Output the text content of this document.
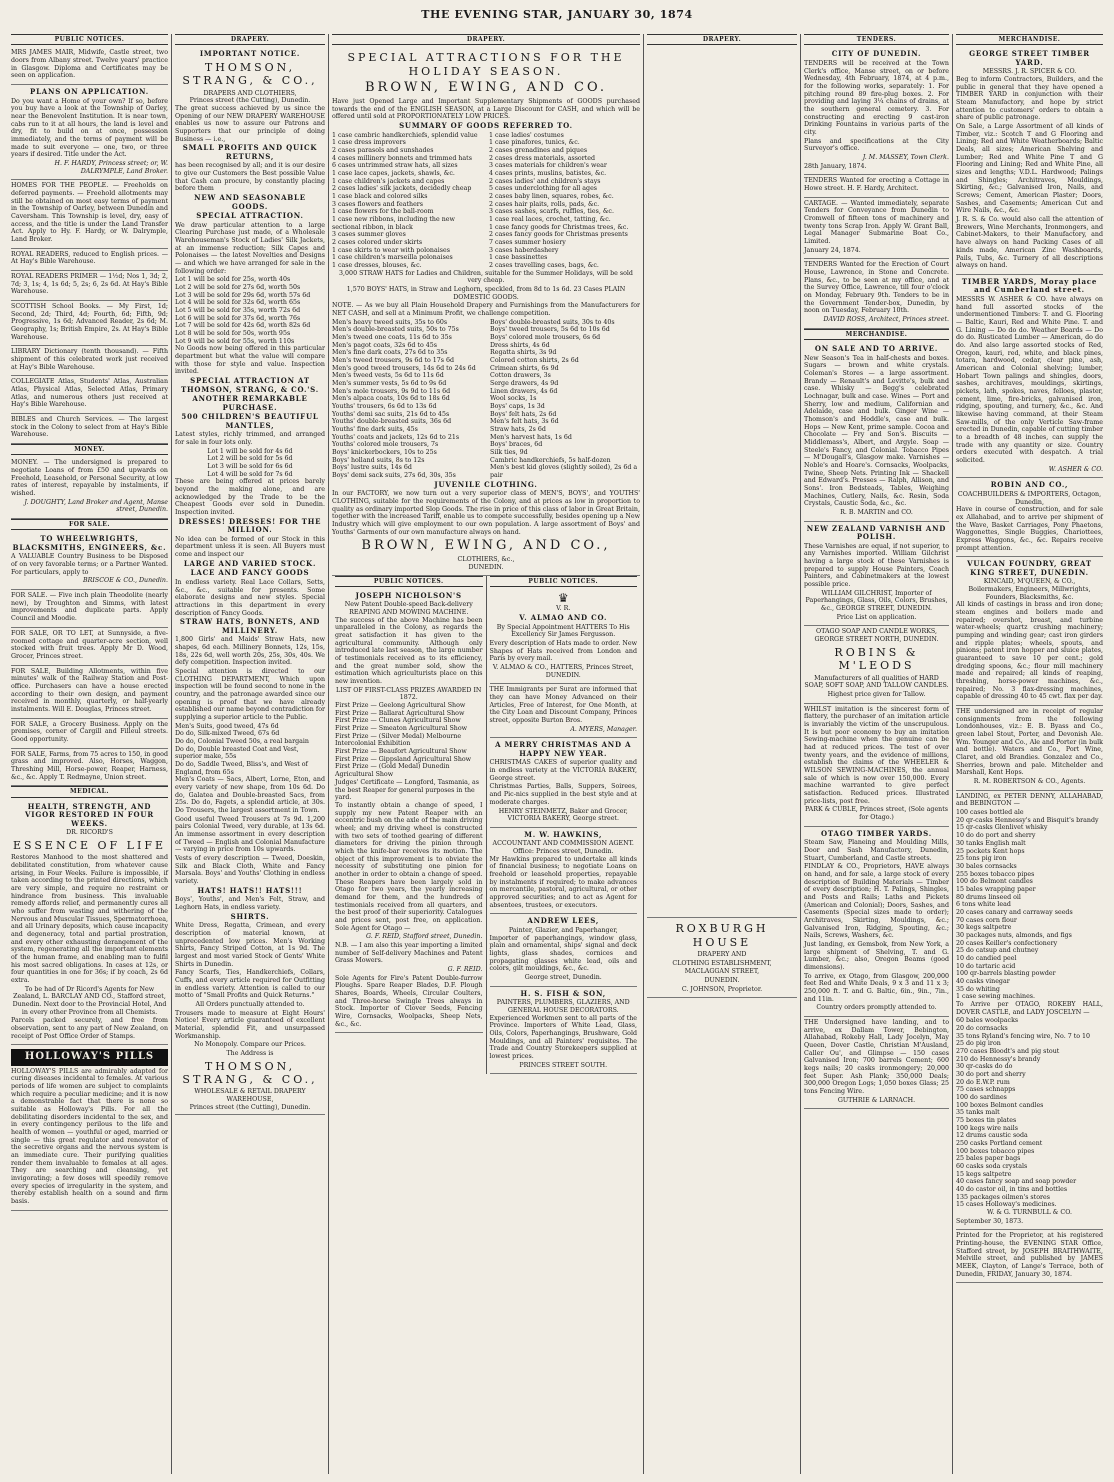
THE EVENING STAR, JANUARY 30, 1874
PUBLIC NOTICES.

MRS JAMES MAIR, Midwife, Castle street, two doors from Albany street. Twelve years' practice in Glasgow. Diploma and Certificates may be seen on application.

PLANS ON APPLICATION.

Do you want a Home of your own? If so, before you buy have a look at the Township of Oarley, near the Benevolent Institution. It is near town, cabs run to it at all hours, the land is level and dry, fit to build on at once, possession immediately, and the terms of payment will be made to suit everyone — one, two, or three years if desired. Title under the Act.

H. F. HARDY, Princess street; or, W. DALRYMPLE, Land Broker.

HOMES FOR THE PEOPLE. — Freeholds on deferred payments. — Freehold allotments may still be obtained on most easy terms of payment in the Township of Oarley, between Dunedin and Caversham. This Township is level, dry, easy of access, and the title is under the Land Transfer Act. Apply to Hy. F. Hardy, or W. Dalrymple, Land Broker.

ROYAL READERS, reduced to English prices. — At Hay's Bible Warehouse.

ROYAL READERS PRIMER — 1½d; Nos 1, 3d; 2, 7d; 3, 1s; 4, 1s 6d; 5, 2s; 6, 2s 6d. At Hay's Bible Warehouse.

SCOTTISH School Books. — My First, 1d; Second, 2d; Third, 4d; Fourth, 6d; Fifth, 9d; Progressive, 1s 6d; Advanced Reader, 2s 6d; M. Geography, 1s; British Empire, 2s. At Hay's Bible Warehouse.

LIBRARY Dictionary (tenth thousand). — Fifth shipment of this celebrated work just received at Hay's Bible Warehouse.

COLLEGIATE Atlas, Students' Atlas, Australian Atlas, Physical Atlas, Selected Atlas, Primary Atlas, and numerous others just received at Hay's Bible Warehouse.

BIBLES and Church Services. — The largest stock in the Colony to select from at Hay's Bible Warehouse.

MONEY.

MONEY. — The undersigned is prepared to negotiate Loans of from £50 and upwards on Freehold, Leasehold, or Personal Security, at low rates of interest, repayable by instalments, if wished.

J. DOUGHTY, Land Broker and Agent, Manse street, Dunedin.

FOR SALE.
TO WHEELWRIGHTS, BLACKSMITHS, ENGINEERS, &c.

A VALUABLE Country Business to be Disposed of on very favorable terms; or a Partner Wanted. For particulars, apply to

BRISCOE & CO., Dunedin.

FOR SALE. — Five inch plain Theodolite (nearly new), by Troughton and Simms, with latest improvements and duplicate parts. Apply Council and Moodie.

FOR SALE, OR TO LET, at Sunnyside, a five-roomed cottage and quarter-acre section, well stocked with fruit trees. Apply Mr D. Wood, Grocer, Princes street.

FOR SALE, Building Allotments, within five minutes' walk of the Railway Station and Post-office. Purchasers can have a house erected according to their own design, and payment received in monthly, quarterly, or half-yearly instalments. Will E. Douglas, Princes street.

FOR SALE, a Grocery Business. Apply on the premises, corner of Cargill and Filleul streets. Good opportunity.

FOR SALE, Farms, from 75 acres to 150, in good grass and improved. Also, Horses, Waggon, Threshing Mill, Horse-power, Reaper, Harness, &c., &c. Apply T. Redmayne, Union street.

MEDICAL.
HEALTH, STRENGTH, AND VIGOR RESTORED IN FOUR WEEKS.
DR. RICORD'S
ESSENCE OF LIFE

Restores Manhood to the most shattered and debilitated constitution, from whatever cause arising, in Four Weeks. Failure is impossible, if taken according to the printed directions, which are very simple, and require no restraint or hindrance from business. This invaluable remedy affords relief, and permanently cures all who suffer from wasting and withering of the Nervous and Muscular Tissues, Spermatorrhoea, and all Urinary deposits, which cause incapacity and degeneracy, total and partial prostration, and every other exhausting derangement of the system, regenerating all the important elements of the human frame, and enabling man to fulfil his most sacred obligations. In cases at 12s, or four quantities in one for 36s; if by coach, 2s 6d extra.

To be had of Dr Ricord's Agents for New Zealand, L. BARCLAY AND CO., Stafford street, Dunedin. Next door to the Provincial Hotel, And in every other Province from all Chemists.

Parcels packed securely, and free from observation, sent to any part of New Zealand, on receipt of Post Office Order of Stamps.

HOLLOWAY'S PILLS

HOLLOWAY'S PILLS are admirably adapted for curing diseases incidental to females. At various periods of life women are subject to complaints which require a peculiar medicine; and it is now a demonstrable fact that there is none so suitable as Holloway's Pills. For all the debilitating disorders incidental to the sex, and in every contingency perilous to the life and health of women — youthful or aged, married or single — this great regulator and renovator of the secretive organs and the nervous system is an immediate cure. Their purifying qualities render them invaluable to females at all ages. They are searching and cleansing, yet invigorating; a few doses will speedily remove every species of irregularity in the system, and thereby establish health on a sound and firm basis.

DRAPERY.
IMPORTANT NOTICE.
THOMSON, STRANG, & CO.,
DRAPERS AND CLOTHIERS,
Princes street (the Cutting), Dunedin.

The great success achieved by us since the Opening of our NEW DRAPERY WAREHOUSE enables us now to assure our Patrons and Supporters that our principle of doing Business — i.e.,

SMALL PROFITS AND QUICK RETURNS,

has been recognised by all; and it is our desire to give our Customers the Best possible Value that Cash can procure, by constantly placing before them

NEW AND SEASONABLE GOODS.
SPECIAL ATTRACTION.

We draw particular attention to a large Clearing Purchase just made, of a Wholesale Warehouseman's Stock of Ladies' Silk Jackets, at an immense reduction; Silk Capes and Polonaises — the latest Novelties and Designs — and which we have arranged for sale in the following order:

Lot 1 will be sold for 25s, worth 40s
Lot 2 will be sold for 27s 6d, worth 50s
Lot 3 will be sold for 29s 6d, worth 57s 6d
Lot 4 will be sold for 32s 6d, worth 65s
Lot 5 will be sold for 35s, worth 72s 6d
Lot 6 will be sold for 37s 6d, worth 76s
Lot 7 will be sold for 42s 6d, worth 82s 6d
Lot 8 will be sold for 50s, worth 95s
Lot 9 will be sold for 55s, worth 110s

No Goods now being offered in this particular department but what the value will compare with those for style and value. Inspection invited.

SPECIAL ATTRACTION AT THOMSON, STRANG, & CO.'S.
ANOTHER REMARKABLE PURCHASE.
500 CHILDREN'S BEAUTIFUL MANTLES,

Latest styles, richly trimmed, and arranged for sale in four lots only.

Lot 1 will be sold for 4s 6d
Lot 2 will be sold for 5s 6d
Lot 3 will be sold for 6s 6d
Lot 4 will be sold for 7s 6d

These are being offered at prices barely beyond the making alone, and are acknowledged by the Trade to be the Cheapest Goods ever sold in Dunedin. Inspection invited.

DRESSES! DRESSES! FOR THE MILLION.

No idea can be formed of our Stock in this department unless it is seen. All Buyers must come and inspect our

LARGE AND VARIED STOCK.
LACE AND FANCY GOODS

In endless variety. Real Lace Collars, Setts, &c., &c., suitable for presents. Some elaborate designs and new styles. Special attractions in this department in every description of Fancy Goods.

STRAW HATS, BONNETS, AND MILLINERY.

1,800 Girls' and Maids' Straw Hats, new shapes, 6d each. Millinery Bonnets, 12s, 15s, 18s, 22s 6d, well worth 20s, 25s, 30s, 40s. We defy competition. Inspection invited.

Special attention is directed to our CLOTHING DEPARTMENT, Which upon inspection will be found second to none in the country, and the patronage awarded since our opening is proof that we have already established our name beyond contradiction for supplying a superior article to the Public.

Men's Suits, good tweed, 47s 6d
Do do, Silk-mixed Tweed, 67s 6d
Do do, Colonial Tweed 50s, a real bargain
Do do, Double breasted Coat and Vest, superior make, 55s
Do do, Saddle Tweed, Bliss's, and West of England, from 65s

Men's Coats — Sacs, Albert, Lorne, Eton, and every variety of new shape, from 10s 6d. Do do, Galatea and Double-breasted Sacs, from 25s. Do do, Fagets, a splendid article, at 30s. Do Trousers, the largest assortment in Town.

Good useful Tweed Trousers at 7s 9d. 1,200 pairs Colonial Tweed, very durable, at 13s 6d. An immense assortment in every description of Tweed — English and Colonial Manufacture — varying in price from 10s upwards.

Vests of every description — Tweed, Doeskin, Silk and Black Cloth, White and Fancy Marsala. Boys' and Youths' Clothing in endless variety.

HATS! HATS!! HATS!!!

Boys', Youths', and Men's Felt, Straw, and Leghorn Hats, in endless variety.

SHIRTS.

White Dress, Regatta, Crimean, and every description of material known, at unprecedented low prices. Men's Working Shirts, Fancy Striped Cotton, at 1s 9d. The largest and most varied Stock of Gents' White Shirts in Dunedin.

Fancy Scarfs, Ties, Handkerchiefs, Collars, Cuffs, and every article required for Outfitting in endless variety. Attention is called to our motto of "Small Profits and Quick Returns."

All Orders punctually attended to.

Trousers made to measure at Eight Hours' Notice! Every article guaranteed of excellent Material, splendid Fit, and unsurpassed Workmanship.

No Monopoly. Compare our Prices.

The Address is

THOMSON, STRANG, & CO.,
WHOLESALE & RETAIL DRAPERY WAREHOUSE,
Princes street (the Cutting), Dunedin.
DRAPERY.
SPECIAL ATTRACTIONS FOR THE HOLIDAY SEASON.
BROWN, EWING, AND CO.

Have just Opened Large and Important Supplementary Shipments of GOODS purchased towards the end of the ENGLISH SEASON, at a Large Discount for CASH, and which will be offered until sold at PROPORTIONATELY LOW PRICES.

SUMMARY OF GOODS REFERRED TO.
1 case cambric handkerchiefs, splendid value
1 case dress improvers
2 cases parasols and sunshades
4 cases millinery bonnets and trimmed hats
6 cases untrimmed straw hats, all sizes
1 case lace capes, jackets, shawls, &c.
1 case children's jackets and capes
2 cases ladies' silk jackets, decidedly cheap
1 case black and colored silks
3 cases flowers and feathers
1 case flowers for the ball-room
1 case new ribbons, including the new sectional ribbon, in black
3 cases summer gloves
2 cases colored under skirts
1 case skirts to wear with polonaises
1 case children's marseilla polonaises
1 case dresses, blouses, &c.
1 case ladies' costumes
1 case pinafores, tunics, &c.
2 cases grenadines and piques
2 cases dress materials, assorted
3 cases materials for children's wear
4 cases prints, muslins, batistes, &c.
2 cases ladies' and children's stays
5 cases underclothing for all ages
2 cases baby linen, squares, robes, &c.
2 cases hair plaits, rolls, pads, &c.
3 cases sashes, scarfs, ruffles, ties, &c.
1 case real laces, crochet, tatting, &c.
1 case fancy goods for Christmas trees, &c.
2 cases fancy goods for Christmas presents
7 cases summer hosiery
3 cases haberdashery
1 case bassinettes
2 cases travelling cases, bags, &c.

3,000 STRAW HATS for Ladies and Children, suitable for the Summer Holidays, will be sold very cheap.

1,570 BOYS' HATS, in Straw and Leghorn, speckled, from 8d to 1s 6d. 23 Cases PLAIN DOMESTIC GOODS.

NOTE. — As we buy all Plain Household Drapery and Furnishings from the Manufacturers for NET CASH, and sell at a Minimum Profit, we challenge competition.

Men's heavy tweed suits, 35s to 60s
Men's double-breasted suits, 50s to 75s
Men's tweed one coats, 11s 6d to 35s
Men's pagot coats, 32s 6d to 45s
Men's fine dark coats, 27s 6d to 35s
Men's tweed trousers, 9s 6d to 17s 6d
Men's good tweed trousers, 14s 6d to 24s 6d
Men's tweed vests, 5s 6d to 11s 6d
Men's summer vests, 5s 6d to 9s 6d
Men's mole trousers, 9s 9d to 11s 6d
Men's alpaca coats, 10s 6d to 18s 6d
Youths' trousers, 6s 6d to 13s 6d
Youths' demi sac suits, 21s 6d to 45s
Youths' double-breasted suits, 36s 6d
Youths' fine dark suits, 45s
Youths' coats and jackets, 12s 6d to 21s
Youths' colored mole trousers, 7s
Boys' knickerbockers, 10s to 25s
Boys' holland suits, 8s to 12s
Boys' lustre suits, 14s 6d
Boys' demi sack suits, 27s 6d, 30s, 35s
Boys' double-breasted suits, 30s to 40s
Boys' tweed trousers, 5s 6d to 10s 6d
Boys' colored mole trousers, 6s 6d
Dress shirts, 4s 6d
Regatta shirts, 3s 9d
Colored cotton shirts, 2s 6d
Crimean shirts, 6s 9d
Cotton drawers, 3s
Serge drawers, 4s 9d
Linen drawers, 4s 6d
Wool socks, 1s
Boys' caps, 1s 3d
Boys' felt hats, 2s 6d
Men's felt hats, 3s 6d
Straw hats, 2s 6d
Men's harvest hats, 1s 6d
Boys' braces, 6d
Silk ties, 9d
Cambric handkerchiefs, 5s half-dozen
Men's best kid gloves (slightly soiled), 2s 6d a pair
JUVENILE CLOTHING.

In our FACTORY, we now turn out a very superior class of MEN'S, BOYS', and YOUTHS' CLOTHING, suitable for the requirements of the Colony, and at prices as low in proportion to quality as ordinary imported Slop Goods. The rise in price of this class of labor in Great Britain, together with the increased Tariff, enable us to compete successfully, besides opening up a New Industry which will give employment to our own population. A large assortment of Boys' and Youths' Garments of our own manufacture always on hand.

BROWN, EWING, AND CO.,
CLOTHIERS, &c.,
DUNEDIN.
PUBLIC NOTICES.
JOSEPH NICHOLSON'S
New Patent Double-speed Back-delivery REAPING AND MOWING MACHINE.

The success of the above Machine has been unparalleled in the Colony, as regards the great satisfaction it has given to the agricultural community. Although only introduced late last season, the large number of testimonials received as to its efficiency, and the great number sold, show the estimation which agriculturists place on this new invention.

LIST OF FIRST-CLASS PRIZES AWARDED IN 1872.
First Prize — Geelong Agricultural Show
First Prize — Ballarat Agricultural Show
First Prize — Clunes Agricultural Show
First Prize — Smeaton Agricultural Show
First Prize — (Silver Medal) Melbourne Intercolonial Exhibition
First Prize — Beaufort Agricultural Show
First Prize — Gippsland Agricultural Show
First Prize — (Gold Medal) Dunedin Agricultural Show
Judges' Certificate — Longford, Tasmania, as the best Reaper for general purposes in the yard.

To instantly obtain a change of speed, I supply my new Patent Reaper with an eccentric bush on the axle of the main driving wheel; and my driving wheel is constructed with two sets of toothed gearing of different diameters for driving the pinion through which the knife-bar receives its motion. The object of this improvement is to obviate the necessity of substituting one pinion for another in order to obtain a change of speed. These Reapers have been largely sold in Otago for two years, the yearly increasing demand for them, and the hundreds of testimonials received from all quarters, and the best proof of their superiority. Catalogues and prices sent, post free, on application. Sole Agent for Otago —

G. F. REID, Stafford street, Dunedin.

N.B. — I am also this year importing a limited number of Self-delivery Machines and Patent Grass Mowers.

G. F. REID.

Sole Agents for Fire's Patent Double-furrow Ploughs. Spare Reaper Blades, D.F. Plough Shares, Boards, Wheels, Circular Coulters, and Three-horse Swingle Trees always in Stock. Importer of Clover Seeds, Fencing Wire, Cornsacks, Woolpacks, Sheep Nets, &c., &c.

PUBLIC NOTICES.
♛
V. R.
V. ALMAO AND CO.

By Special Appointment HATTERS To His Excellency Sir James Fergusson.

Every description of Hats made to order. New Shapes of Hats received from London and Paris by every mail.

V. ALMAO & CO., HATTERS, Princes Street, DUNEDIN.

THE Immigrants per Surat are informed that they can have Money Advanced on their Articles, Free of Interest, for One Month, at the City Loan and Discount Company, Princes street, opposite Burton Bros.

A. MYERS, Manager.

A MERRY CHRISTMAS AND A HAPPY NEW YEAR.

CHRISTMAS CAKES of superior quality and in endless variety at the VICTORIA BAKERY, George street.

Christmas Parties, Balls, Suppers, Soirees, and Pic-nics supplied in the best style and at moderate charges.

HENRY STEINMETZ, Baker and Grocer, VICTORIA BAKERY, George street.

M. W. HAWKINS,
ACCOUNTANT AND COMMISSION AGENT.
Office: Princes street, Dunedin.

Mr Hawkins prepared to undertake all kinds of financial business; to negotiate Loans on freehold or leasehold properties, repayable by instalments if required; to make advances on mercantile, pastoral, agricultural, or other approved securities; and to act as Agent for absentees, trustees, or executors.

ANDREW LEES,
Painter, Glazier, and Paperhanger,

Importer of paperhangings, window glass, plain and ornamental, ships' signal and deck lights, glass shades, cornices and propagating glasses white lead, oils and colors, gilt mouldings, &c., &c.

George street, Dunedin.

H. S. FISH & SON,
PAINTERS, PLUMBERS, GLAZIERS, AND GENERAL HOUSE DECORATORS.

Experienced Workmen sent to all parts of the Province. Importers of White Lead, Glass, Oils, Colors, Paperhangings, Brushware, Gold Mouldings, and all Painters' requisites. The Trade and Country Storekeepers supplied at lowest prices.

PRINCES STREET SOUTH.

DRAPERY.
ROXBURGH HOUSE

DRAPERY AND

CLOTHING ESTABLISHMENT,

MACLAGGAN STREET,

DUNEDIN.

C. JOHNSON, Proprietor.

TENDERS.
CITY OF DUNEDIN.

TENDERS will be received at the Town Clerk's office, Manse street, on or before Wednesday, 4th February, 1874, at 4 p.m., for the following works, separately: 1. For pitching round 89 fire-plug boxes. 2. For providing and laying 3¼ chains of drains, at the southern general cemetery. 3. For constructing and erecting 9 cast-iron Drinking Fountains in various parts of the city.

Plans and specifications at the City Surveyor's office.

J. M. MASSEY, Town Clerk.

28th January, 1874.

TENDERS Wanted for erecting a Cottage in Howe street. H. F. Hardy, Architect.

CARTAGE. — Wanted immediately, separate Tenders for Conveyance from Dunedin to Cromwell of fifteen tons of machinery and twenty tons Scrap Iron. Apply W. Grant Ball, Legal Manager Submarine Boat Co., Limited.

January 24, 1874.

TENDERS Wanted for the Erection of Court House, Lawrence, in Stone and Concrete. Plans, &c., to be seen at my office, and at the Survey Office, Lawrence, till four o'clock on Monday, February 9th. Tenders to be in the Government Tender-box, Dunedin, by noon on Tuesday, February 10th.

DAVID ROSS, Architect, Princes street.

MERCHANDISE.
ON SALE AND TO ARRIVE.

New Season's Tea in half-chests and boxes. Sugars — brown and white crystals. Coleman's Stores — a large assortment. Brandy — Renault's and Levitte's, bulk and case. Whisky — Begg's celebrated Lochnagar, bulk and case. Wines — Port and Sherry, low and medium, Californian and Adelaide, case and bulk. Ginger Wine — Thomson's and Hoddle's, case and bulk. Hops — New Kent, prime sample. Cocoa and Chocolate — Fry and Son's. Biscuits — Middlemass's, Albert, and Argyle. Soap — Steele's Fancy, and Colonial. Tobacco Pipes — M'Dougall's, Glasgow make. Varnishes — Noble's and Hoare's. Cornsacks, Woolpacks, Twine, Sheep Nets. Printing Ink — Shackell and Edward's. Presses — Ralph, Allison, and Sons'. Iron Bedsteads, Tables, Weighing Machines, Cutlery, Nails, &c. Resin, Soda Crystals, Caustic Soda, &c., &c.

R. B. MARTIN and CO.

NEW ZEALAND VARNISH AND POLISH.

These Varnishes are equal, if not superior, to any Varnishes imported. William Gilchrist having a large stock of these Varnishes is prepared to supply House Painters, Coach Painters, and Cabinetmakers at the lowest possible price.

WILLIAM GILCHRIST, Importer of Paperhangings, Glass, Oils, Colors, Brushes, &c., GEORGE STREET, DUNEDIN.

Price List on application.

OTAGO SOAP AND CANDLE WORKS, GEORGE STREET NORTH, DUNEDIN.
ROBINS & M'LEODS

Manufacturers of all qualities of HARD SOAP, SOFT SOAP, AND TALLOW CANDLES.

Highest price given for Tallow.

WHILST imitation is the sincerest form of flattery, the purchaser of an imitation article is invariably the victim of the unscrupulous. It is but poor economy to buy an imitation Sewing-machine when the genuine can be had at reduced prices. The test of over twenty years, and the evidence of millions, establish the claims of the WHEELER & WILSON SEWING-MACHINES, the annual sale of which is now over 150,000. Every machine warranted to give perfect satisfaction. Reduced prices. Illustrated price-lists, post free.

PARK & CUBLE, Princes street, (Sole agents for Otago.)

OTAGO TIMBER YARDS.

Steam Saw, Planeing and Moulding Mills, Door and Sash Manufactory, Dunedin, Stuart, Cumberland, and Castle streets.

FINDLAY & CO., Proprietors, HAVE always on hand, and for sale, a large stock of every description of Building Materials — Timber of every description; H. T. Palings, Shingles, and Posts and Rails; Laths and Pickets (American and Colonial); Doors, Sashes, and Casements (Special sizes made to order); Architraves, Skirting, Mouldings, &c.; Galvanised Iron, Ridging, Spouting, &c.; Nails, Screws, Washers, &c.

Just landing, ex Gemsbok, from New York, a large shipment of Shelving, T. and G. Lumber, &c.; also, Oregon Beams (good dimensions).

To arrive, ex Otago, from Glasgow, 200,000 feet Red and White Deals, 9 x 3 and 11 x 3; 250,000 ft. T. and G. Baltic, 6in., 9in., 7in., and 11in.

Country orders promptly attended to.

THE Undersigned have landing, and to arrive, ex Dallam Tower, Bebington, Allahabad, Rokeby Hall, Lady Jocelyn, May Queen, Dover Castle, Christian M'Ausland, Caller Ou', and Glimpse — 150 cases Galvanised Iron; 700 barrels Cement; 600 kegs nails; 20 casks ironmongery; 20,000 feet Super. Ash Plank; 350,000 Deals; 300,000 Oregon Logs; 1,050 boxes Glass; 25 tons Fencing Wire.

GUTHRIE & LARNACH.

MERCHANDISE.
GEORGE STREET TIMBER YARD.
MESSRS. J. R. SPICER & CO.

Beg to inform Contractors, Builders, and the public in general that they have opened a TIMBER YARD in conjunction with their Steam Manufactory, and hope by strict attention to customers' orders to obtain a share of public patronage.

On Sale, a Large Assortment of all kinds of Timber, viz.: Scotch T and G Flooring and Lining; Red and White Weatherboards; Baltic Deals, all sizes; American Shelving and Lumber; Red and White Pine T and G Flooring and Lining; Red and White Pine, all sizes and lengths; V.D.L. Hardwood; Palings and Shingles; Architraves, Mouldings, Skirting, &c.; Galvanised Iron, Nails, and Screws; Cement, American Plaster; Doors, Sashes, and Casements; American Cut and Wire Nails, &c., &c.

J. R. S. & Co. would also call the attention of Brewers, Wine Merchants, Ironmongers, and Cabinet-Makers, to their Manufactory, and have always on hand Packing Cases of all kinds made, American Zinc Washboards, Pails, Tubs, &c. Turnery of all descriptions always on hand.

TIMBER YARDS, Moray place and Cumberland street.

MESSRS W. ASHER & CO. have always on hand full assorted stocks of the undermentioned Timbers: T. and G. Flooring — Baltic, Kauri, Red and White Pine. T. and G. Lining — Do do do. Weather Boards — Do do do. Rusticated Lumber — American, do do do. And also large assorted stocks of Red, Oregon, kauri, red, white, and black pines, totara, hardwood, cedar, clear pine, ash, American and Colonial shelving; lumber, Hobart Town palings and shingles, doors, sashes, architraves, mouldings, skirtings, pickets, lath, spokes, naves, felloes, plaster, cement, lime, fire-bricks, galvanised iron, ridging, spouting, and turnery, &c., &c. And likewise having command, at their Steam Saw-mills, of the only Verticle Saw-frame erected in Dunedin, capable of cutting timber to a breadth of 48 inches, can supply the trade with any quantity or size. Country orders executed with despatch. A trial solicited.

W. ASHER & CO.

ROBIN AND CO.,
COACHBUILDERS & IMPORTERS, Octagon, Dunedin,

Have in course of construction, and for sale ex Allahabad, and to arrive per shipment of the Wave, Basket Carriages, Pony Phaetons, Waggonettes, Single Buggies, Chariottees, Express Waggons, &c., &c. Repairs receive prompt attention.

VULCAN FOUNDRY, GREAT KING STREET, DUNEDIN.
KINCAID, M'QUEEN, & CO.,
Boilermakers, Engineers, Millwrights, Founders, Blacksmiths, &c.

All kinds of castings in brass and iron done; steam engines and boilers made and repaired; overshot, breast, and turbine water-wheels; quartz crushing machinery; pumping and winding gear; cast iron girders and ripple plates; wheels, spouts, and pinions; patent iron hopper and sluice plates, guaranteed to save 10 per cent.; gold dredging spoons, &c.; flour mill machinery made and repaired; all kinds of reaping, threshing, horse-power machines, &c., repaired; No. 3 flax-dressing machines, capable of dressing 40 to 45 cwt. flax per day.

THE undersigned are in receipt of regular consignments from the following Londonhouses, viz.: E. B. Byass and Co., green label Stout, Porter, and Devonish Ale. Wm. Younger and Co., Ale and Porter (in bulk and bottle). Waters and Co., Port Wine, Claret, and old Brandies. Gonzalez and Co., Sherries, brown and pale. Mitchelder and Marshall, Kent Hops.

R. M. ROBERTSON & CO., Agents.

LANDING, ex PETER DENNY, ALLAHABAD, and BEBINGTON —

100 cases bottled ale
20 qr-casks Hennessy's and Bisquit's brandy
15 qr-casks Glenlivet whisky
10 do do port and sherry
30 tanks English malt
25 pockets Kent hops
25 tons pig iron
30 bales cornsacks
255 boxes tobacco pipes
100 do Belmont candles
15 bales wrapping paper
80 drums linseed oil
6 tons white lead
20 cases canary and carraway seeds
70 cases corn flour
30 kegs saltpetre
30 packages nuts, almonds, and figs
20 cases Keiller's confectionery
25 do catsup and chutney
10 do candied peel
10 do tartaric acid
100 qr-barrels blasting powder
40 casks vinegar
35 do whiting
1 case sewing machines.

To Arrive per OTAGO, ROKEBY HALL, DOVER CASTLE, and LADY JOSCELYN —

60 bales woolpacks
20 do cornsacks
35 tons Ryland's fencing wire, No. 7 to 10
25 do pig iron
270 cases Bloodt's and pig stout
210 do Hennessy's brandy
30 qr-casks do do
30 do port and sherry
20 do E.W.P. rum
75 cases schnapps
100 do sardines
100 boxes Belmont candles
35 tanks malt
75 boxes tin plates
100 kegs wire nails
12 drums caustic soda
250 casks Portland cement
100 boxes tobacco pipes
25 bales paper bags
60 casks soda crystals
15 kegs saltpetre
40 cases fancy soap and soap powder
40 do castor oil, in tins and bottles
135 packages oilmen's stores
15 cases Holloway's medicines.

W. & G. TURNBULL & CO.

September 30, 1873.

Printed for the Proprietor, at his registered Printing-house, the EVENING STAR Office, Stafford street, by JOSEPH BRAITHWAITE, Melville street, and published by JAMES MEEK, Clayton, of Lange's Terrace, both of Dunedin, FRIDAY, January 30, 1874.
